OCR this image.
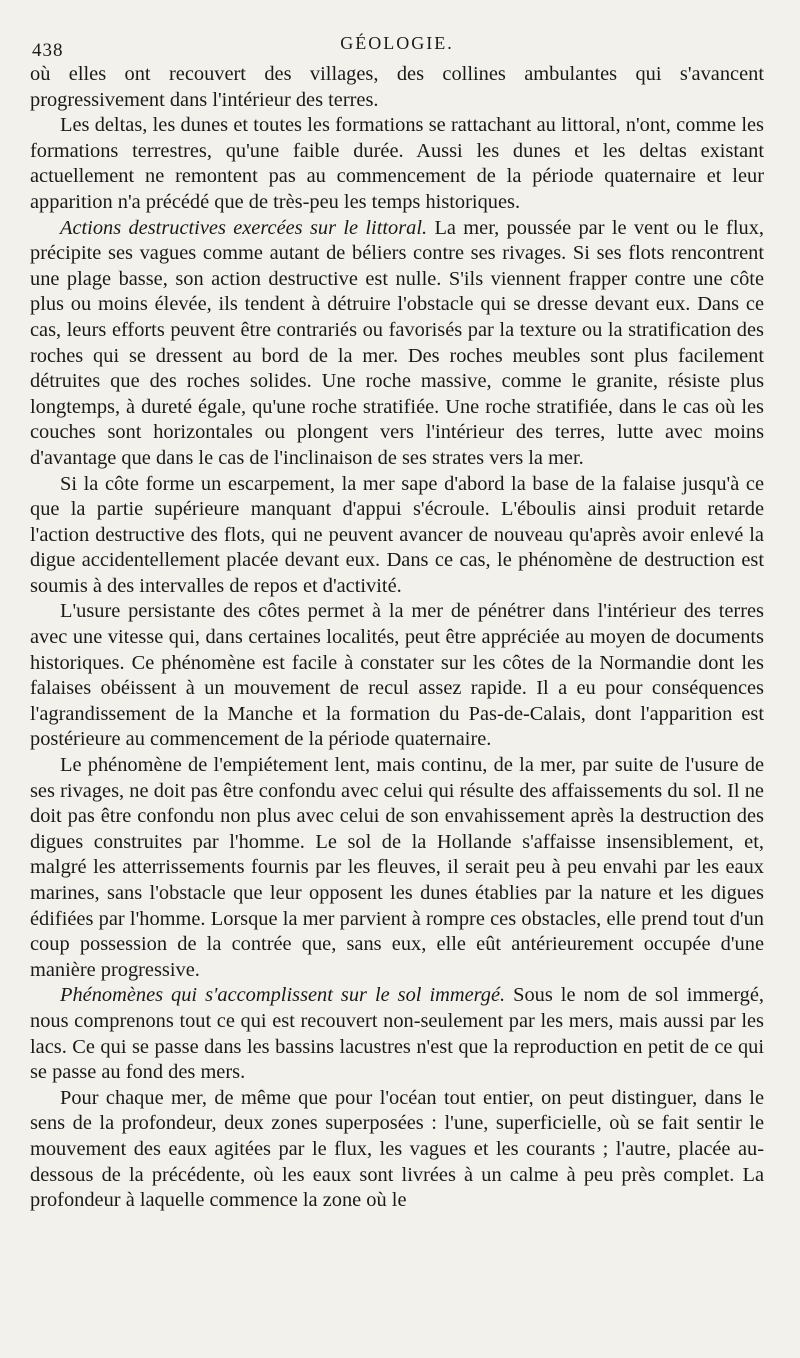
438	GÉOLOGIE.

où elles ont recouvert des villages, des collines ambulantes qui s'avancent progressivement dans l'intérieur des terres.

Les deltas, les dunes et toutes les formations se rattachant au littoral, n'ont, comme les formations terrestres, qu'une faible durée. Aussi les dunes et les deltas existant actuellement ne remontent pas au commencement de la période quaternaire et leur apparition n'a précédé que de très-peu les temps historiques.

Actions destructives exercées sur le littoral. La mer, poussée par le vent ou le flux, précipite ses vagues comme autant de béliers contre ses rivages. Si ses flots rencontrent une plage basse, son action destructive est nulle. S'ils viennent frapper contre une côte plus ou moins élevée, ils tendent à détruire l'obstacle qui se dresse devant eux. Dans ce cas, leurs efforts peuvent être contrariés ou favorisés par la texture ou la stratification des roches qui se dressent au bord de la mer. Des roches meubles sont plus facilement détruites que des roches solides. Une roche massive, comme le granite, résiste plus longtemps, à dureté égale, qu'une roche stratifiée. Une roche stratifiée, dans le cas où les couches sont horizontales ou plongent vers l'intérieur des terres, lutte avec moins d'avantage que dans le cas de l'inclinaison de ses strates vers la mer.

Si la côte forme un escarpement, la mer sape d'abord la base de la falaise jusqu'à ce que la partie supérieure manquant d'appui s'écroule. L'éboulis ainsi produit retarde l'action destructive des flots, qui ne peuvent avancer de nouveau qu'après avoir enlevé la digue accidentellement placée devant eux. Dans ce cas, le phénomène de destruction est soumis à des intervalles de repos et d'activité.

L'usure persistante des côtes permet à la mer de pénétrer dans l'intérieur des terres avec une vitesse qui, dans certaines localités, peut être appréciée au moyen de documents historiques. Ce phénomène est facile à constater sur les côtes de la Normandie dont les falaises obéissent à un mouvement de recul assez rapide. Il a eu pour conséquences l'agrandissement de la Manche et la formation du Pas-de-Calais, dont l'apparition est postérieure au commencement de la période quaternaire.

Le phénomène de l'empiétement lent, mais continu, de la mer, par suite de l'usure de ses rivages, ne doit pas être confondu avec celui qui résulte des affaissements du sol. Il ne doit pas être confondu non plus avec celui de son envahissement après la destruction des digues construites par l'homme. Le sol de la Hollande s'affaisse insensiblement, et, malgré les atterrissements fournis par les fleuves, il serait peu à peu envahi par les eaux marines, sans l'obstacle que leur opposent les dunes établies par la nature et les digues édifiées par l'homme. Lorsque la mer parvient à rompre ces obstacles, elle prend tout d'un coup possession de la contrée que, sans eux, elle eût antérieurement occupée d'une manière progressive.

Phénomènes qui s'accomplissent sur le sol immergé. Sous le nom de sol immergé, nous comprenons tout ce qui est recouvert non-seulement par les mers, mais aussi par les lacs. Ce qui se passe dans les bassins lacustres n'est que la reproduction en petit de ce qui se passe au fond des mers.

Pour chaque mer, de même que pour l'océan tout entier, on peut distinguer, dans le sens de la profondeur, deux zones superposées : l'une, superficielle, où se fait sentir le mouvement des eaux agitées par le flux, les vagues et les courants ; l'autre, placée au-dessous de la précédente, où les eaux sont livrées à un calme à peu près complet. La profondeur à laquelle commence la zone où le
